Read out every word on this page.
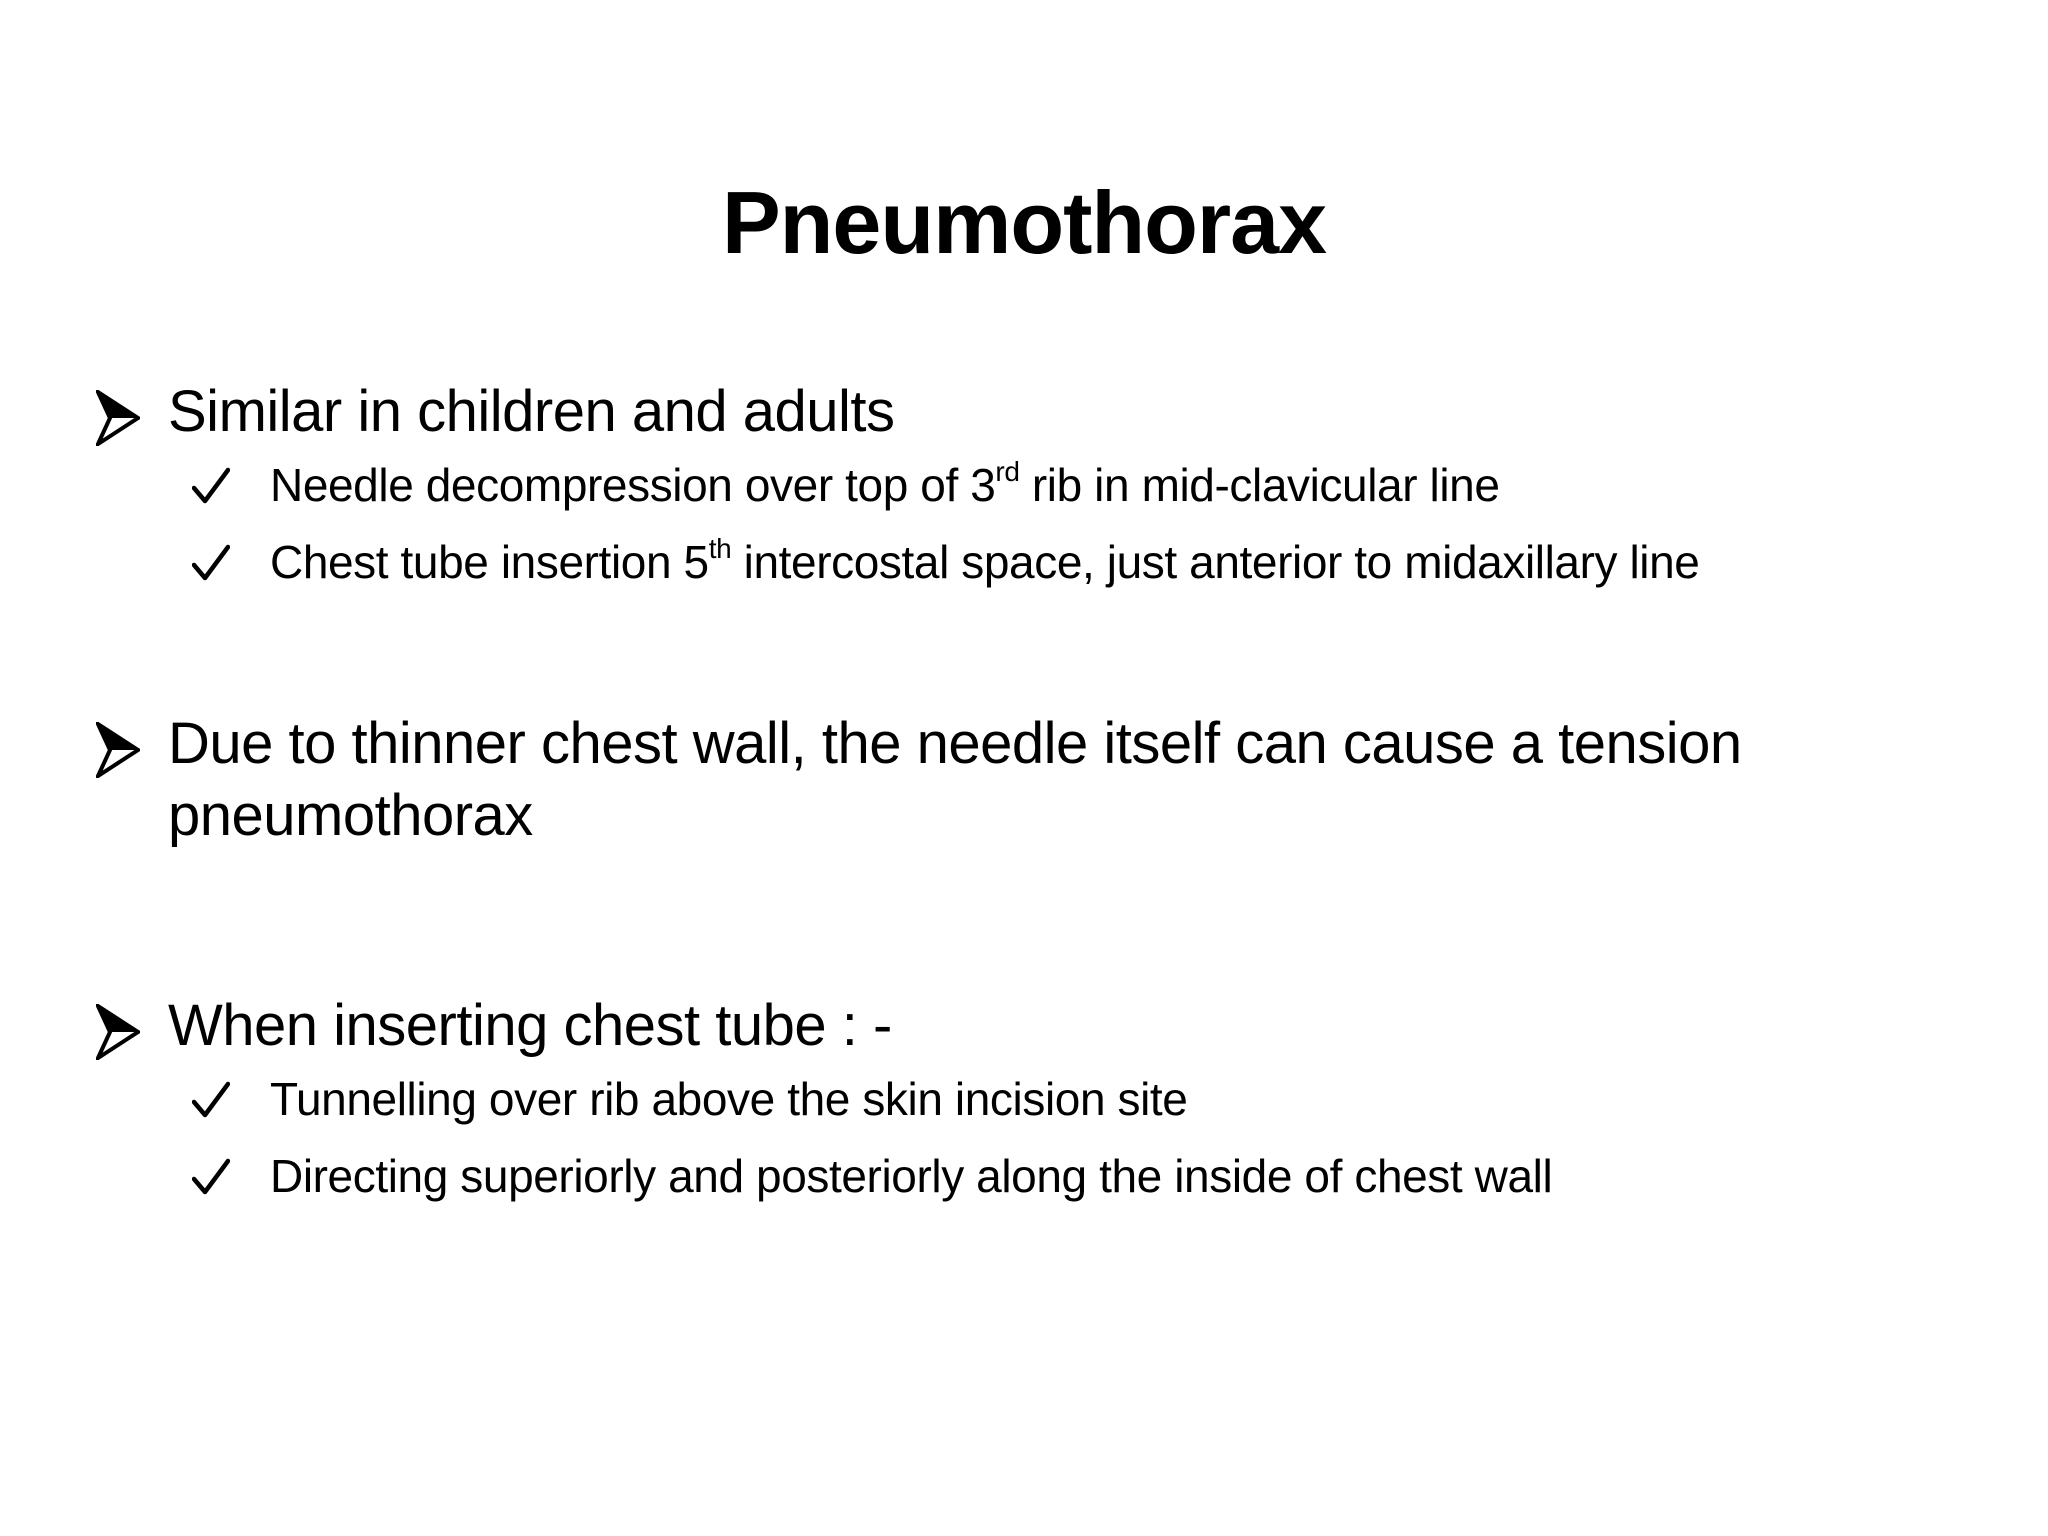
Pneumothorax
Similar in children and adults
Needle decompression over top of 3rd rib in mid-clavicular line
Chest tube insertion 5th intercostal space, just anterior to midaxillary line
Due to thinner chest wall, the needle itself can cause a tension pneumothorax
When inserting chest tube : -
Tunnelling over rib above the skin incision site
Directing superiorly and posteriorly along the inside of chest wall
